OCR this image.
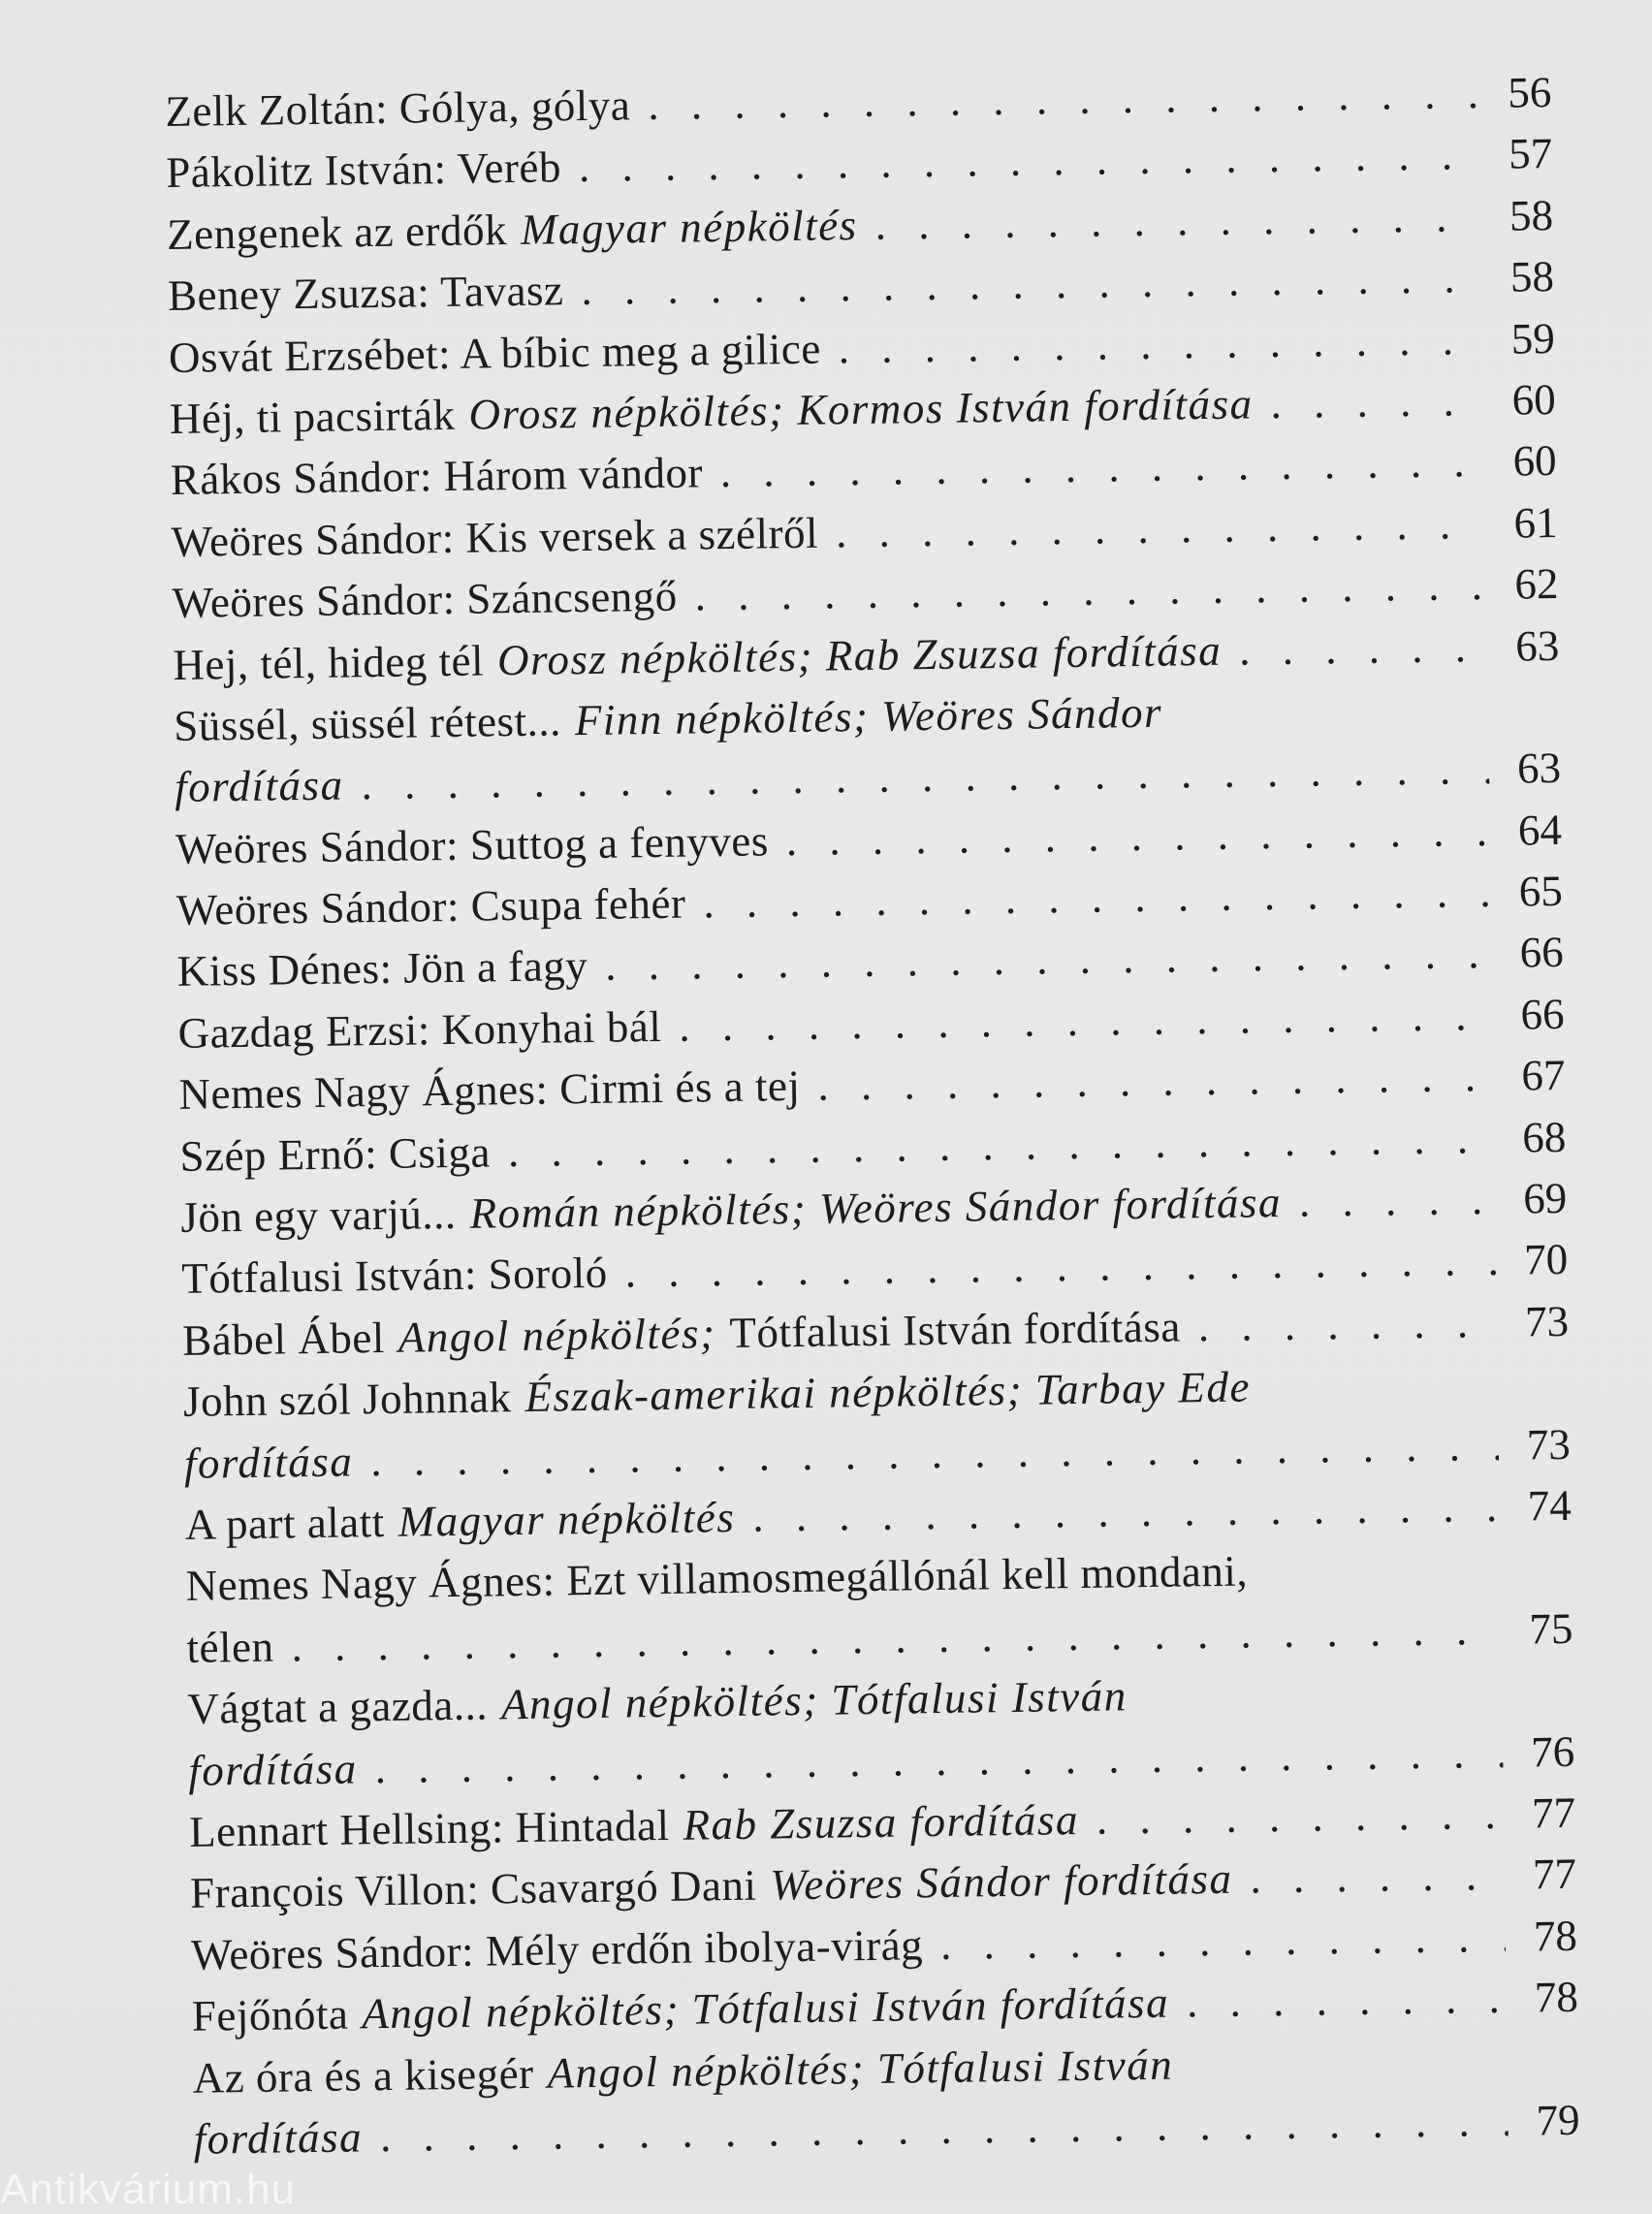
Zelk Zoltán: Gólya, gólya . . .	56
Pákolitz István: Veréb . . .	57
Zengenek az erdők Magyar népköltés . . .	58
Beney Zsuzsa: Tavasz . . .	58
Osvát Erzsébet: A bíbic meg a gilice . . .	59
Héj, ti pacsirták Orosz népköltés; Kormos István fordítása . . .	60
Rákos Sándor: Három vándor . . .	60
Weöres Sándor: Kis versek a szélről . . .	61
Weöres Sándor: Száncsengő . . .	62
Hej, tél, hideg tél Orosz népköltés; Rab Zsuzsa fordítása . . .	63
Süssél, süssél rétest... Finn népköltés; Weöres Sándor
fordítása . . .	63
Weöres Sándor: Suttog a fenyves . . .	64
Weöres Sándor: Csupa fehér . . .	65
Kiss Dénes: Jön a fagy . . .	66
Gazdag Erzsi: Konyhai bál . . .	66
Nemes Nagy Ágnes: Cirmi és a tej . . .	67
Szép Ernő: Csiga . . .	68
Jön egy varjú... Román népköltés; Weöres Sándor fordítása . . .	69
Tótfalusi István: Soroló . . .	70
Bábel Ábel Angol népköltés; Tótfalusi István fordítása . . .	73
John szól Johnnak Észak-amerikai népköltés; Tarbay Ede
fordítása . . .	73
A part alatt Magyar népköltés . . .	74
Nemes Nagy Ágnes: Ezt villamosmegállónál kell mondani,
télen . . .	75
Vágtat a gazda... Angol népköltés; Tótfalusi István
fordítása . . .	76
Lennart Hellsing: Hintadal Rab Zsuzsa fordítása . . .	77
François Villon: Csavargó Dani Weöres Sándor fordítása . . .	77
Weöres Sándor: Mély erdőn ibolya-virág . . .	78
Fejőnóta Angol népköltés; Tótfalusi István fordítása . . .	78
Az óra és a kisegér Angol népköltés; Tótfalusi István
fordítása . . .	79
Antikvárium.hu
